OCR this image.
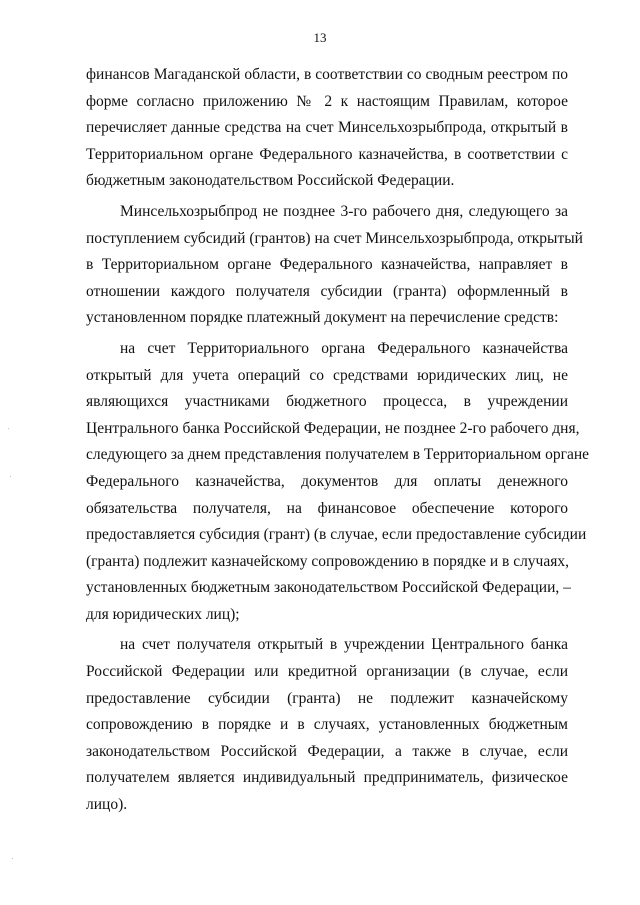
13
финансов Магаданской области, в соответствии со сводным реестром по
форме согласно приложению № 2 к настоящим Правилам, которое
перечисляет данные средства на счет Минсельхозрыбпрода, открытый в
Территориальном органе Федерального казначейства, в соответствии с
бюджетным законодательством Российской Федерации.
Минсельхозрыбпрод не позднее 3-го рабочего дня, следующего за
поступлением субсидий (грантов) на счет Минсельхозрыбпрода, открытый
в Территориальном органе Федерального казначейства, направляет в
отношении каждого получателя субсидии (гранта) оформленный в
установленном порядке платежный документ на перечисление средств:
на счет Территориального органа Федерального казначейства
открытый для учета операций со средствами юридических лиц, не
являющихся участниками бюджетного процесса, в учреждении
Центрального банка Российской Федерации, не позднее 2-го рабочего дня,
следующего за днем представления получателем в Территориальном органе
Федерального казначейства, документов для оплаты денежного
обязательства получателя, на финансовое обеспечение которого
предоставляется субсидия (грант) (в случае, если предоставление субсидии
(гранта) подлежит казначейскому сопровождению в порядке и в случаях,
установленных бюджетным законодательством Российской Федерации, –
для юридических лиц);
на счет получателя открытый в учреждении Центрального банка
Российской Федерации или кредитной организации (в случае, если
предоставление субсидии (гранта) не подлежит казначейскому
сопровождению в порядке и в случаях, установленных бюджетным
законодательством Российской Федерации, а также в случае, если
получателем является индивидуальный предприниматель, физическое
лицо).
